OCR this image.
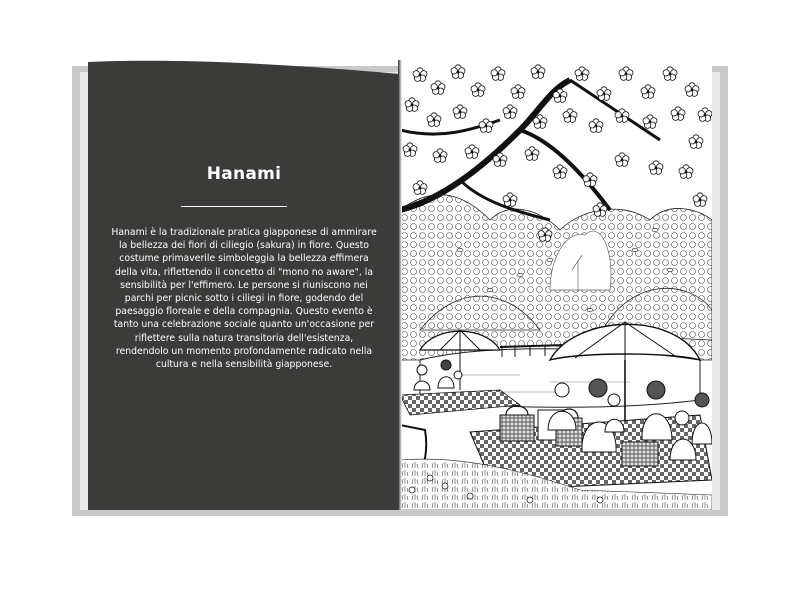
Hanami
Hanami è la tradizionale pratica giapponese di ammirare la bellezza dei fiori di ciliegio (sakura) in fiore. Questo costume primaverile simboleggia la bellezza effimera della vita, riflettendo il concetto di "mono no aware", la sensibilità per l'effimero. Le persone si riuniscono nei parchi per picnic sotto i ciliegi in fiore, godendo del paesaggio floreale e della compagnia. Questo evento è tanto una celebrazione sociale quanto un'occasione per riflettere sulla natura transitoria dell'esistenza, rendendolo un momento profondamente radicato nella cultura e nella sensibilità giapponese.
